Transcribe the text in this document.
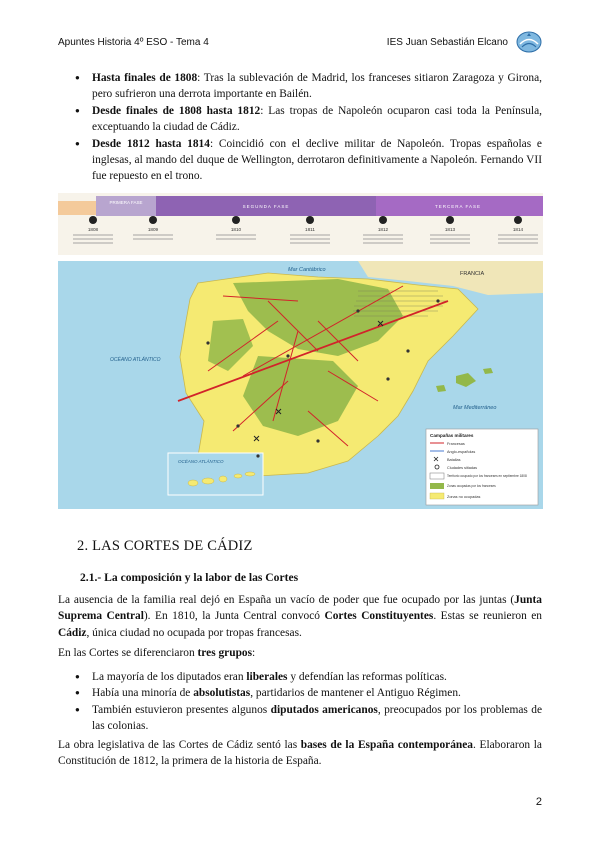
Apuntes Historia 4º ESO - Tema 4	IES Juan Sebastián Elcano
● Hasta finales de 1808: Tras la sublevación de Madrid, los franceses sitiaron Zaragoza y Girona, pero sufrieron una derrota importante en Bailén.
● Desde finales de 1808 hasta 1812: Las tropas de Napoleón ocuparon casi toda la Península, exceptuando la ciudad de Cádiz.
● Desde 1812 hasta 1814: Coincidió con el declive militar de Napoleón. Tropas españolas e inglesas, al mando del duque de Wellington, derrotaron definitivamente a Napoleón. Fernando VII fue repuesto en el trono.
PRIMERA FASE
SEGUNDA FASE	TERCERA FASE
1808	1809	1810	1811	1812	1813	1814
Mar Cantábrico
OCÉANO ATLÁNTICO
Mar Mediterráneo
OCÉANO ATLÁNTICO
FRANCIA
Campañas militares
Francesas
Anglo-españolas
Batallas
Ciudades sitiadas
Territorio ocupado por los franceses en septiembre 1808
Zonas ocupadas por los franceses
Zonas no ocupadas
2. LAS CORTES DE CÁDIZ
2.1.- La composición y la labor de las Cortes

La ausencia de la familia real dejó en España un vacío de poder que fue ocupado por las juntas (Junta Suprema Central). En 1810, la Junta Central convocó Cortes Constituyentes. Estas se reunieron en Cádiz, única ciudad no ocupada por tropas francesas.

En las Cortes se diferenciaron tres grupos:

● La mayoría de los diputados eran liberales y defendían las reformas políticas.
● Había una minoría de absolutistas, partidarios de mantener el Antiguo Régimen.
● También estuvieron presentes algunos diputados americanos, preocupados por los problemas de las colonias.

La obra legislativa de las Cortes de Cádiz sentó las bases de la España contemporánea. Elaboraron la Constitución de 1812, la primera de la historia de España.

2
